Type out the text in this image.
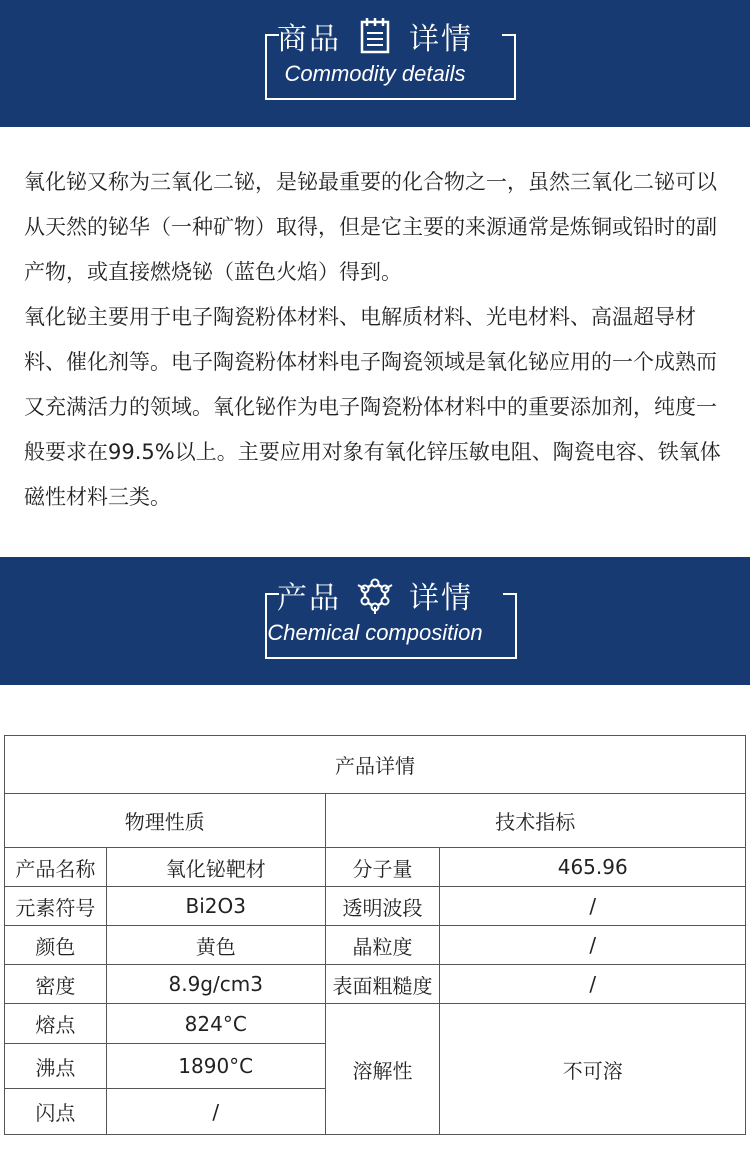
商品 详情
Commodity details

氧化铋又称为三氧化二铋，是铋最重要的化合物之一，虽然三氧化二铋可以从天然的铋华（一种矿物）取得，但是它主要的来源通常是炼铜或铅时的副产物，或直接燃烧铋（蓝色火焰）得到。

氧化铋主要用于电子陶瓷粉体材料、电解质材料、光电材料、高温超导材料、催化剂等。电子陶瓷粉体材料电子陶瓷领域是氧化铋应用的一个成熟而又充满活力的领域。氧化铋作为电子陶瓷粉体材料中的重要添加剂，纯度一般要求在99.5%以上。主要应用对象有氧化锌压敏电阻、陶瓷电容、铁氧体磁性材料三类。

产品 详情
Chemical composition
产品详情			
物理性质		技术指标	
产品名称	氧化铋靶材	分子量	465.96
元素符号	Bi2O3	透明波段	/
颜色	黄色	晶粒度	/
密度	8.9g/cm3	表面粗糙度	/
熔点	824°C	溶解性	不可溶
沸点	1890°C		
闪点	/		
